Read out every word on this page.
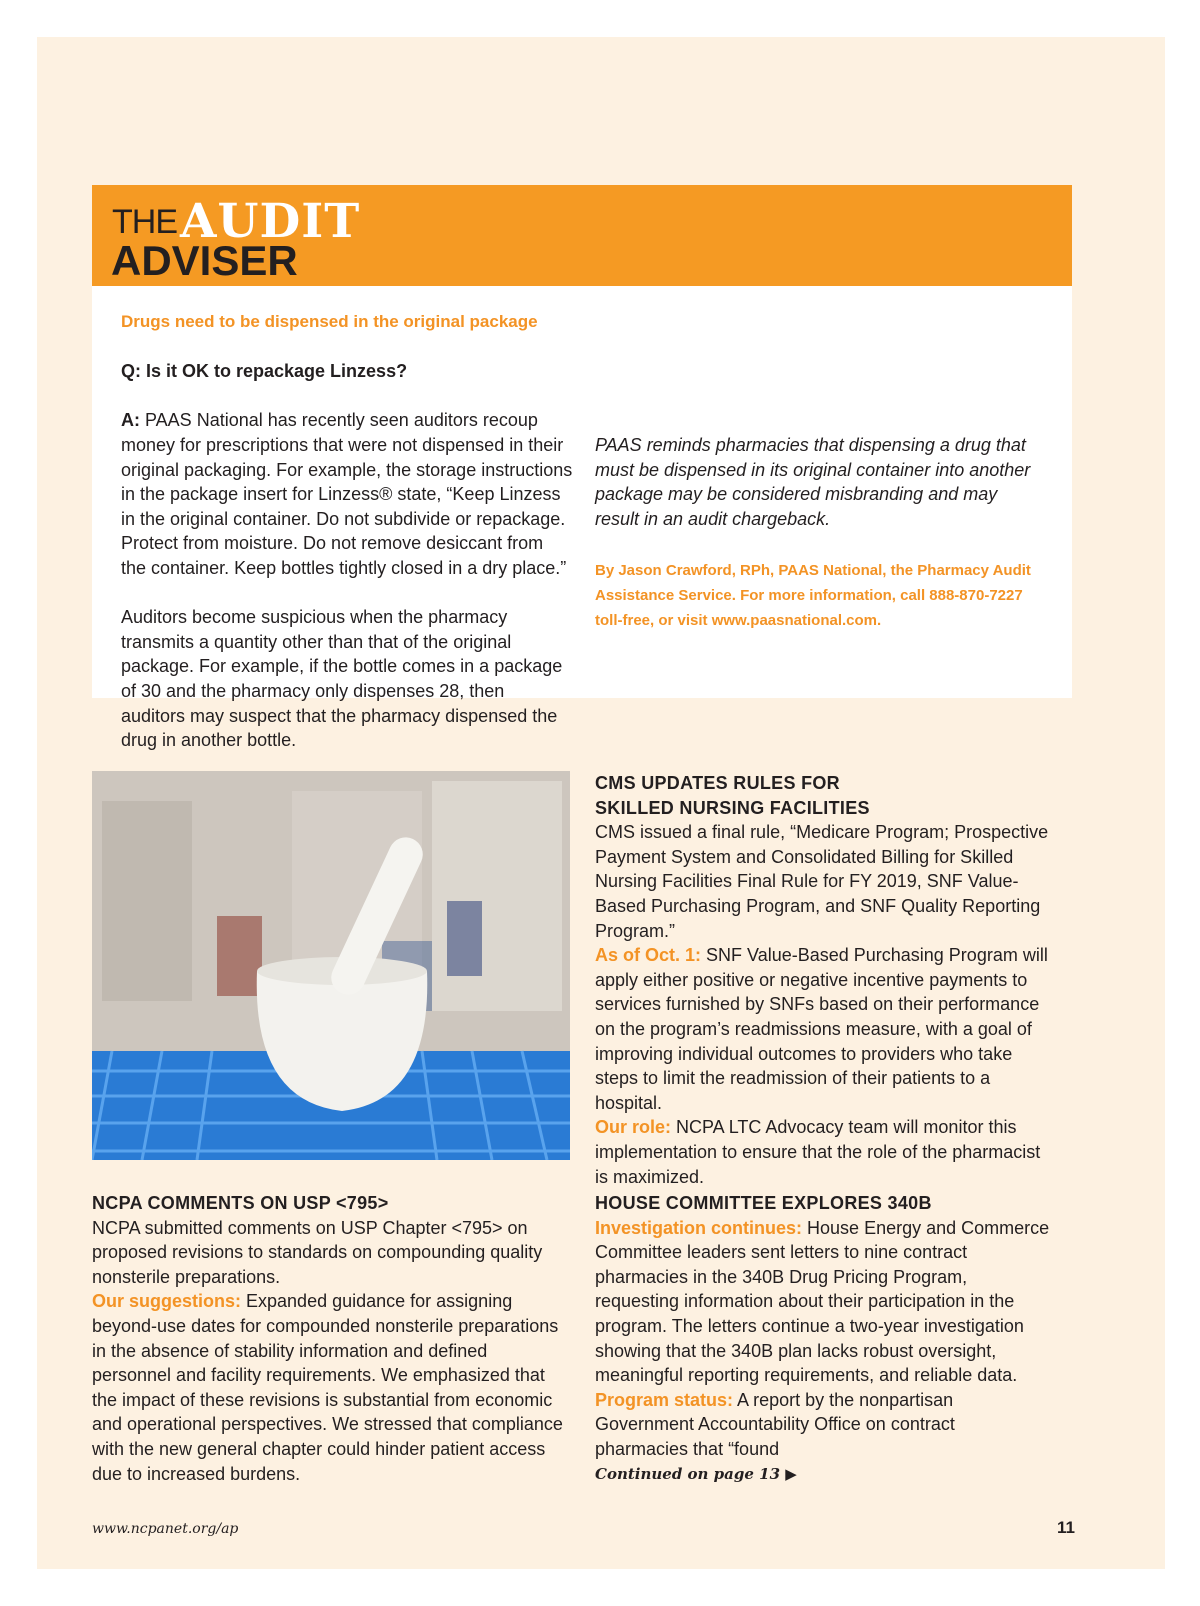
THE AUDIT
ADVISER

Drugs need to be dispensed in the original package

Q: Is it OK to repackage Linzess?

A: PAAS National has recently seen auditors recoup money for prescriptions that were not dispensed in their original packaging. For example, the storage instructions in the package insert for Linzess® state, “Keep Linzess in the original container. Do not subdivide or repackage. Protect from moisture. Do not remove desiccant from the container. Keep bottles tightly closed in a dry place.”

Auditors become suspicious when the pharmacy transmits a quantity other than that of the original package. For example, if the bottle comes in a package of 30 and the pharmacy only dispenses 28, then auditors may suspect that the pharmacy dispensed the drug in another bottle.

PAAS reminds pharmacies that dispensing a drug that must be dispensed in its original container into another package may be considered misbranding and may result in an audit chargeback.

By Jason Crawford, RPh, PAAS National, the Pharmacy Audit Assistance Service. For more information, call 888-870-7227 toll-free, or visit www.paasnational.com.

CMS UPDATES RULES FOR

SKILLED NURSING FACILITIES

CMS issued a final rule, “Medicare Program; Prospective Payment System and Consolidated Billing for Skilled Nursing Facilities Final Rule for FY 2019, SNF Value-Based Purchasing Program, and SNF Quality Reporting Program.”

As of Oct. 1: SNF Value-Based Purchasing Program will apply either positive or negative incentive payments to services furnished by SNFs based on their performance on the program’s readmissions measure, with a goal of improving individual outcomes to providers who take steps to limit the readmission of their patients to a hospital.

Our role: NCPA LTC Advocacy team will monitor this implementation to ensure that the role of the pharmacist is maximized.

NCPA COMMENTS ON USP <795>

NCPA submitted comments on USP Chapter <795> on proposed revisions to standards on compounding quality nonsterile preparations.

Our suggestions: Expanded guidance for assigning beyond-use dates for compounded nonsterile preparations in the absence of stability information and defined personnel and facility requirements. We emphasized that the impact of these revisions is substantial from economic and operational perspectives. We stressed that compliance with the new general chapter could hinder patient access due to increased burdens.

HOUSE COMMITTEE EXPLORES 340B

Investigation continues: House Energy and Commerce Committee leaders sent letters to nine contract pharmacies in the 340B Drug Pricing Program, requesting information about their participation in the program. The letters continue a two-year investigation showing that the 340B plan lacks robust oversight, meaningful reporting requirements, and reliable data.

Program status: A report by the nonpartisan Government Accountability Office on contract pharmacies that “found

Continued on page 13 ▶
www.ncpanet.org/ap	11
